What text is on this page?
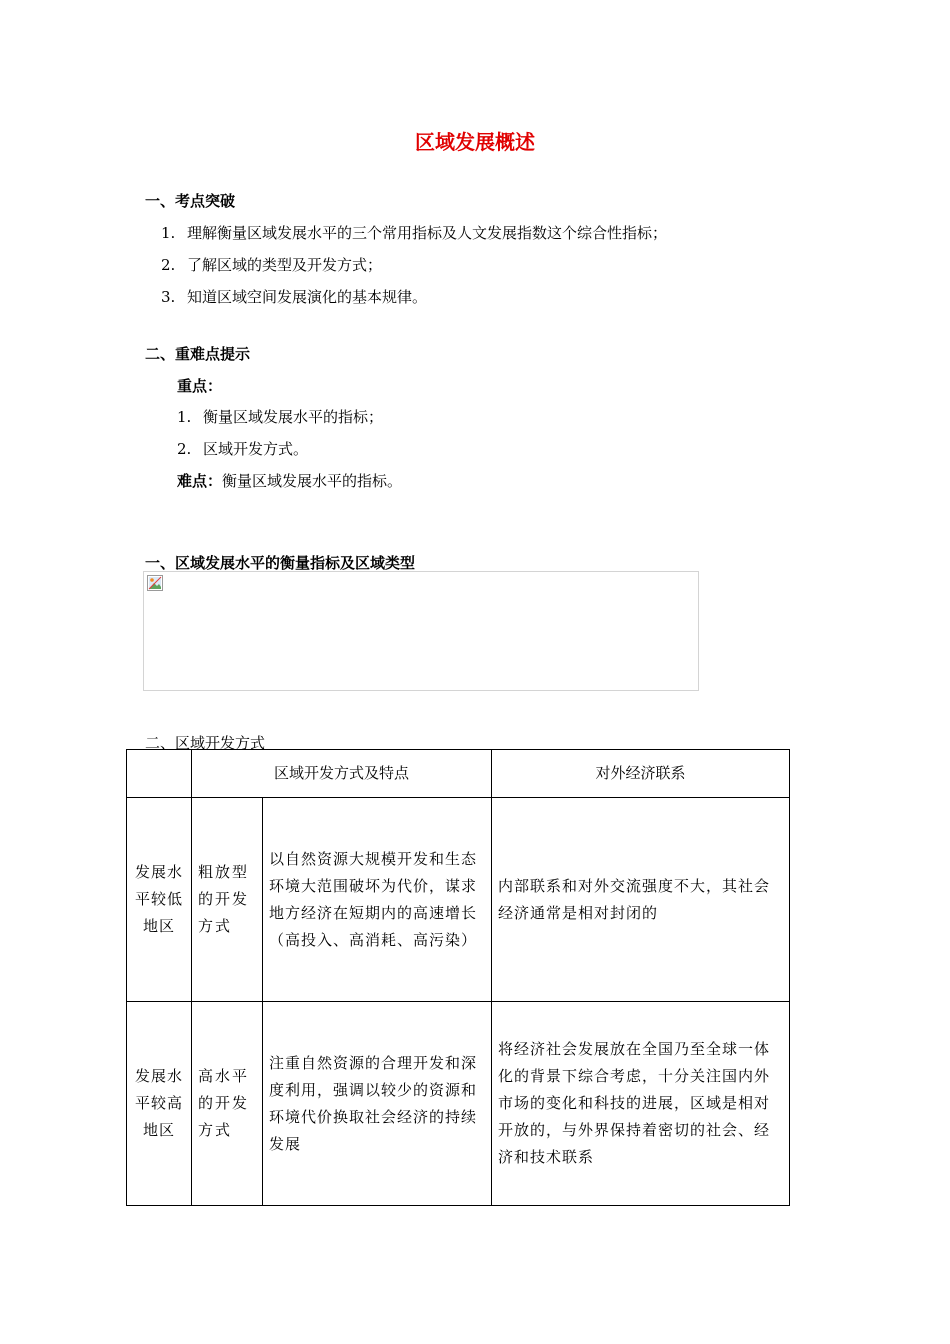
区域发展概述
一、考点突破
1. 理解衡量区域发展水平的三个常用指标及人文发展指数这个综合性指标；
2. 了解区域的类型及开发方式；
3. 知道区域空间发展演化的基本规律。
二、重难点提示
重点：
1. 衡量区域发展水平的指标；
2. 区域开发方式。
难点：衡量区域发展水平的指标。
一、区域发展水平的衡量指标及区域类型
二、区域开发方式
	区域开发方式及特点		对外经济联系
发展水平较低地区	粗放型的开发方式	以自然资源大规模开发和生态环境大范围破坏为代价，谋求地方经济在短期内的高速增长（高投入、高消耗、高污染）	内部联系和对外交流强度不大，其社会经济通常是相对封闭的
发展水平较高地区	高水平的开发方式	注重自然资源的合理开发和深度利用，强调以较少的资源和环境代价换取社会经济的持续发展	将经济社会发展放在全国乃至全球一体化的背景下综合考虑，十分关注国内外市场的变化和科技的进展，区域是相对开放的，与外界保持着密切的社会、经济和技术联系
